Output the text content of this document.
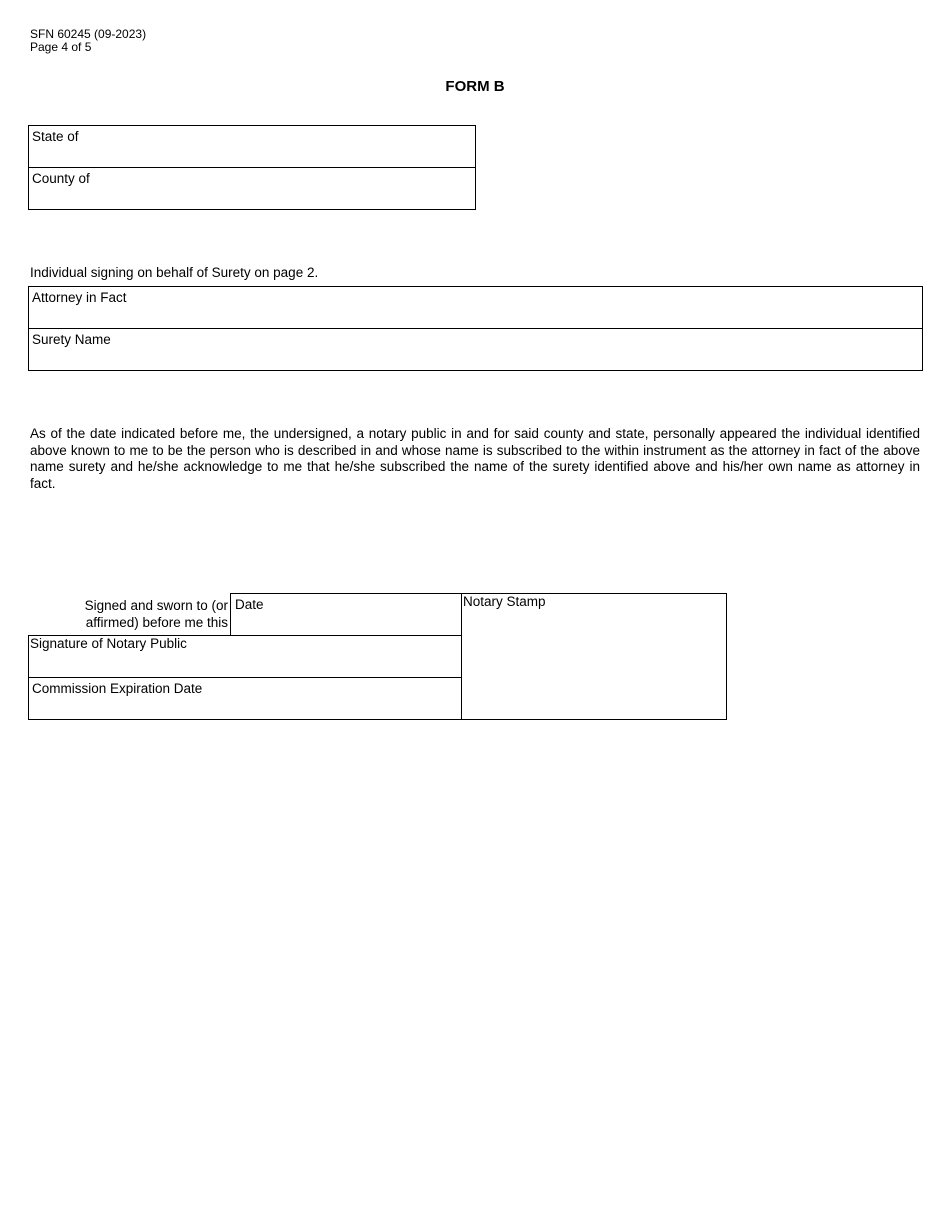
SFN 60245 (09-2023)
Page 4 of 5
FORM B
State of
County of
Individual signing on behalf of Surety on page 2.
Attorney in Fact
Surety Name
As of the date indicated before me, the undersigned, a notary public in and for said county and state, personally appeared the individual identified above known to me to be the person who is described in and whose name is subscribed to the within instrument as the attorney in fact of the above name surety and he/she acknowledge to me that he/she subscribed the name of the surety identified above and his/her own name as attorney in fact.
Signed and sworn to (or
affirmed) before me this
Date	Notary Stamp
Signature of Notary Public
Commission Expiration Date
